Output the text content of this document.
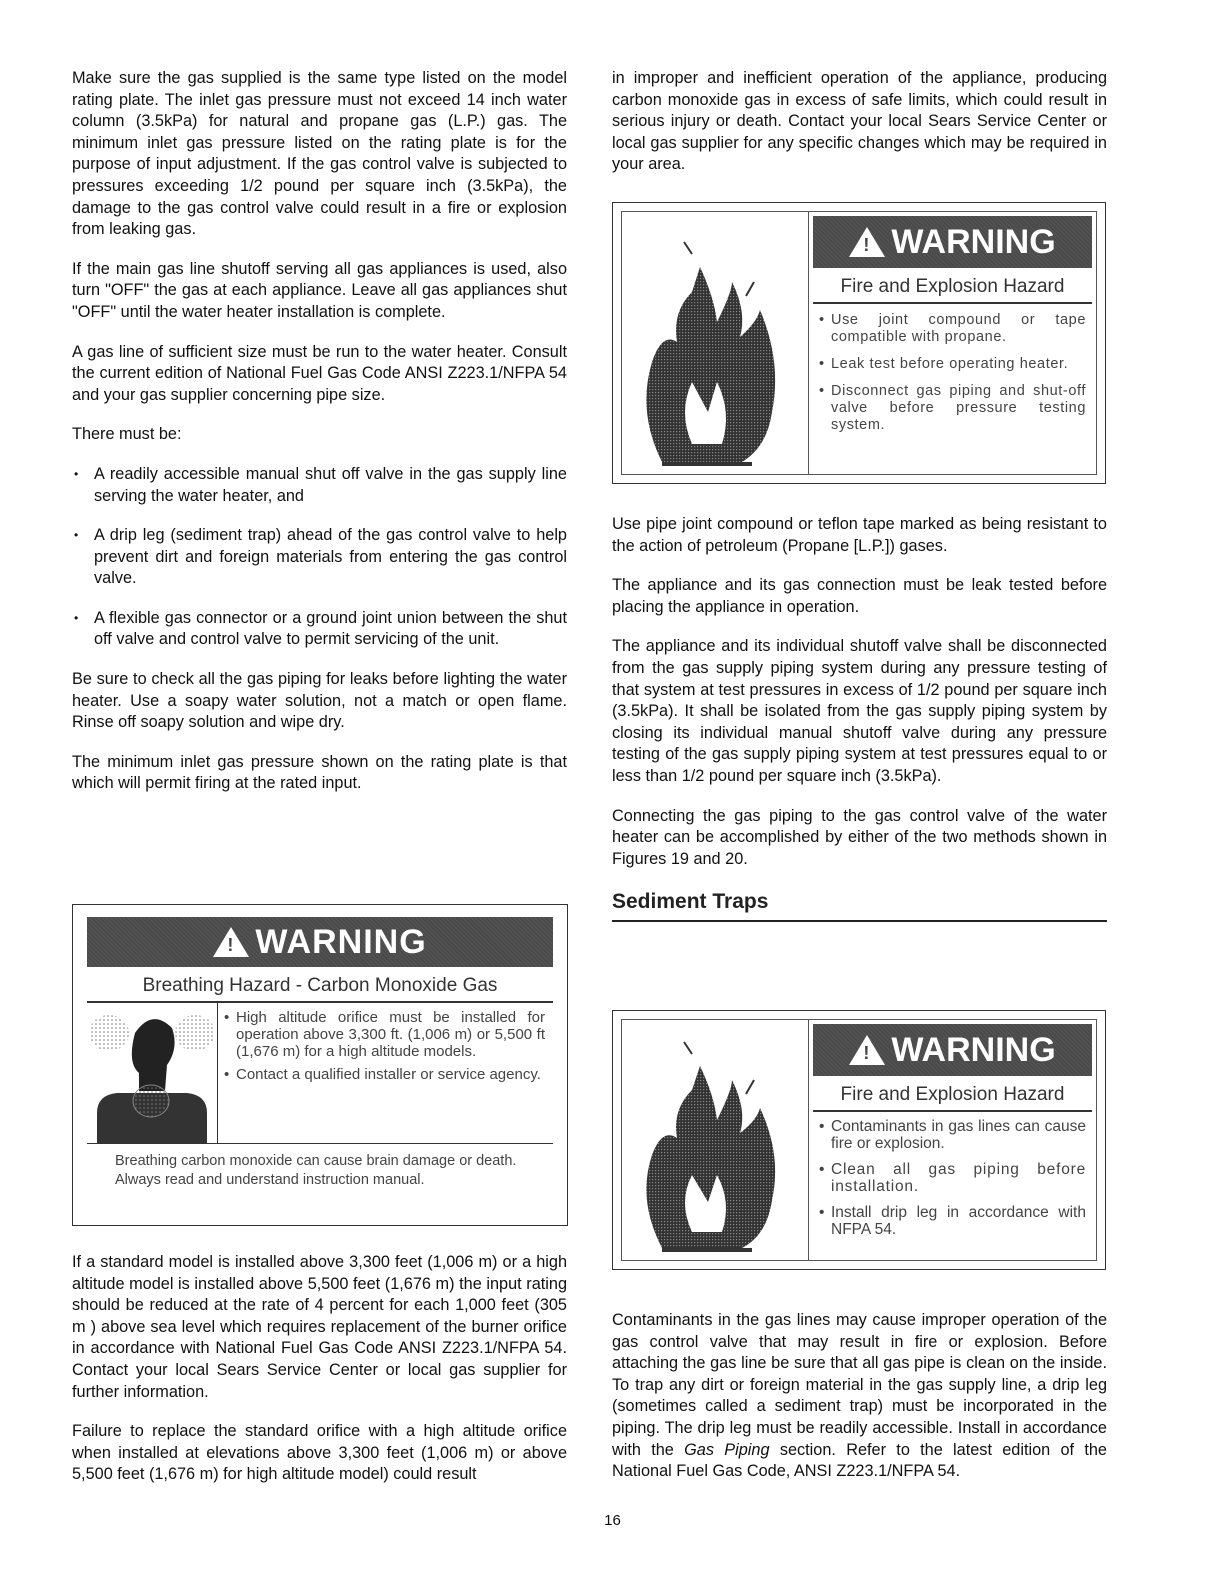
Make sure the gas supplied is the same type listed on the model rating plate. The inlet gas pressure must not exceed 14 inch water column (3.5kPa) for natural and propane gas (L.P.) gas. The minimum inlet gas pressure listed on the rating plate is for the purpose of input adjustment. If the gas control valve is subjected to pressures exceeding 1/2 pound per square inch (3.5kPa), the damage to the gas control valve could result in a fire or explosion from leaking gas.

If the main gas line shutoff serving all gas appliances is used, also turn "OFF" the gas at each appliance. Leave all gas appliances shut "OFF" until the water heater installation is complete.

A gas line of sufficient size must be run to the water heater. Consult the current edition of National Fuel Gas Code ANSI Z223.1/NFPA 54 and your gas supplier concerning pipe size.

There must be:

• A readily accessible manual shut off valve in the gas supply line serving the water heater, and
• A drip leg (sediment trap) ahead of the gas control valve to help prevent dirt and foreign materials from entering the gas control valve.
• A flexible gas connector or a ground joint union between the shut off valve and control valve to permit servicing of the unit.

Be sure to check all the gas piping for leaks before lighting the water heater. Use a soapy water solution, not a match or open flame. Rinse off soapy solution and wipe dry.

The minimum inlet gas pressure shown on the rating plate is that which will permit firing at the rated input.

! WARNING
Breathing Hazard - Carbon Monoxide Gas
• High altitude orifice must be installed for operation above 3,300 ft. (1,006 m) or 5,500 ft (1,676 m) for a high altitude models.
• Contact a qualified installer or service agency.
Breathing carbon monoxide can cause brain damage or death. Always read and understand instruction manual.

If a standard model is installed above 3,300 feet (1,006 m) or a high altitude model is installed above 5,500 feet (1,676 m) the input rating should be reduced at the rate of 4 percent for each 1,000 feet (305 m ) above sea level which requires replacement of the burner orifice in accordance with National Fuel Gas Code ANSI Z223.1/NFPA 54. Contact your local Sears Service Center or local gas supplier for further information.

Failure to replace the standard orifice with a high altitude orifice when installed at elevations above 3,300 feet (1,006 m) or above 5,500 feet (1,676 m) for high altitude model) could result

in improper and inefficient operation of the appliance, producing carbon monoxide gas in excess of safe limits, which could result in serious injury or death. Contact your local Sears Service Center or local gas supplier for any specific changes which may be required in your area.

! WARNING
Fire and Explosion Hazard
• Use joint compound or tape compatible with propane.
• Leak test before operating heater.
• Disconnect gas piping and shut-off valve before pressure testing system.

Use pipe joint compound or teflon tape marked as being resistant to the action of petroleum (Propane [L.P.]) gases.

The appliance and its gas connection must be leak tested before placing the appliance in operation.

The appliance and its individual shutoff valve shall be disconnected from the gas supply piping system during any pressure testing of that system at test pressures in excess of 1/2 pound per square inch (3.5kPa). It shall be isolated from the gas supply piping system by closing its individual manual shutoff valve during any pressure testing of the gas supply piping system at test pressures equal to or less than 1/2 pound per square inch (3.5kPa).

Connecting the gas piping to the gas control valve of the water heater can be accomplished by either of the two methods shown in Figures 19 and 20.

Sediment Traps
! WARNING
Fire and Explosion Hazard
• Contaminants in gas lines can cause fire or explosion.
• Clean all gas piping before installation.
• Install drip leg in accordance with NFPA 54.

Contaminants in the gas lines may cause improper operation of the gas control valve that may result in fire or explosion. Before attaching the gas line be sure that all gas pipe is clean on the inside. To trap any dirt or foreign material in the gas supply line, a drip leg (sometimes called a sediment trap) must be incorporated in the piping. The drip leg must be readily accessible. Install in accordance with the Gas Piping section. Refer to the latest edition of the National Fuel Gas Code, ANSI Z223.1/NFPA 54.

16
